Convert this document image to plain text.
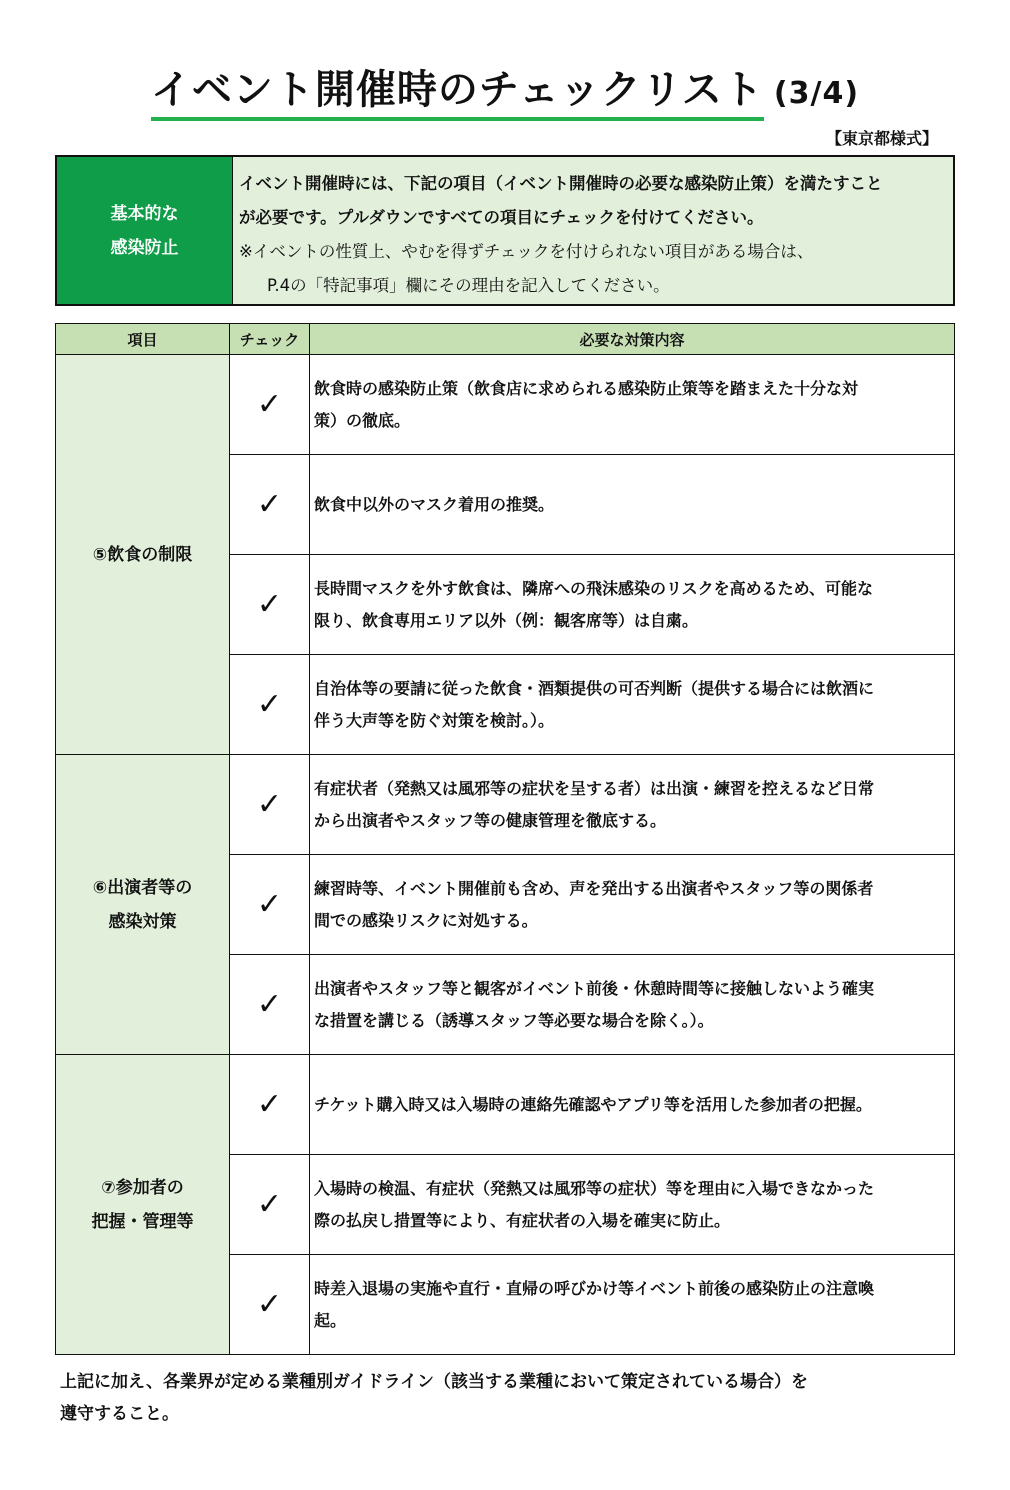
イベント開催時のチェックリスト (3/4)
【東京都様式】
基本的な
感染防止
イベント開催時には、下記の項目（イベント開催時の必要な感染防止策）を満たすこと
が必要です。プルダウンですべての項目にチェックを付けてください。
※イベントの性質上、やむを得ずチェックを付けられない項目がある場合は、
P.4の「特記事項」欄にその理由を記入してください。
項目	チェック	必要な対策内容

⑤飲食の制限	✓	飲食時の感染防止策（飲食店に求められる感染防止策等を踏まえた十分な対
策）の徹底。

	✓	飲食中以外のマスク着用の推奨。

	✓	長時間マスクを外す飲食は、隣席への飛沫感染のリスクを高めるため、可能な
限り、飲食専用エリア以外（例：観客席等）は自粛。

	✓	自治体等の要請に従った飲食・酒類提供の可否判断（提供する場合には飲酒に
伴う大声等を防ぐ対策を検討。）。

⑥出演者等の
感染対策	✓	有症状者（発熱又は風邪等の症状を呈する者）は出演・練習を控えるなど日常
から出演者やスタッフ等の健康管理を徹底する。

	✓	練習時等、イベント開催前も含め、声を発出する出演者やスタッフ等の関係者
間での感染リスクに対処する。

	✓	出演者やスタッフ等と観客がイベント前後・休憩時間等に接触しないよう確実
な措置を講じる（誘導スタッフ等必要な場合を除く。）。

⑦参加者の
把握・管理等	✓	チケット購入時又は入場時の連絡先確認やアプリ等を活用した参加者の把握。

	✓	入場時の検温、有症状（発熱又は風邪等の症状）等を理由に入場できなかった
際の払戻し措置等により、有症状者の入場を確実に防止。

	✓	時差入退場の実施や直行・直帰の呼びかけ等イベント前後の感染防止の注意喚
起。
上記に加え、各業界が定める業種別ガイドライン（該当する業種において策定されている場合）を
遵守すること。
